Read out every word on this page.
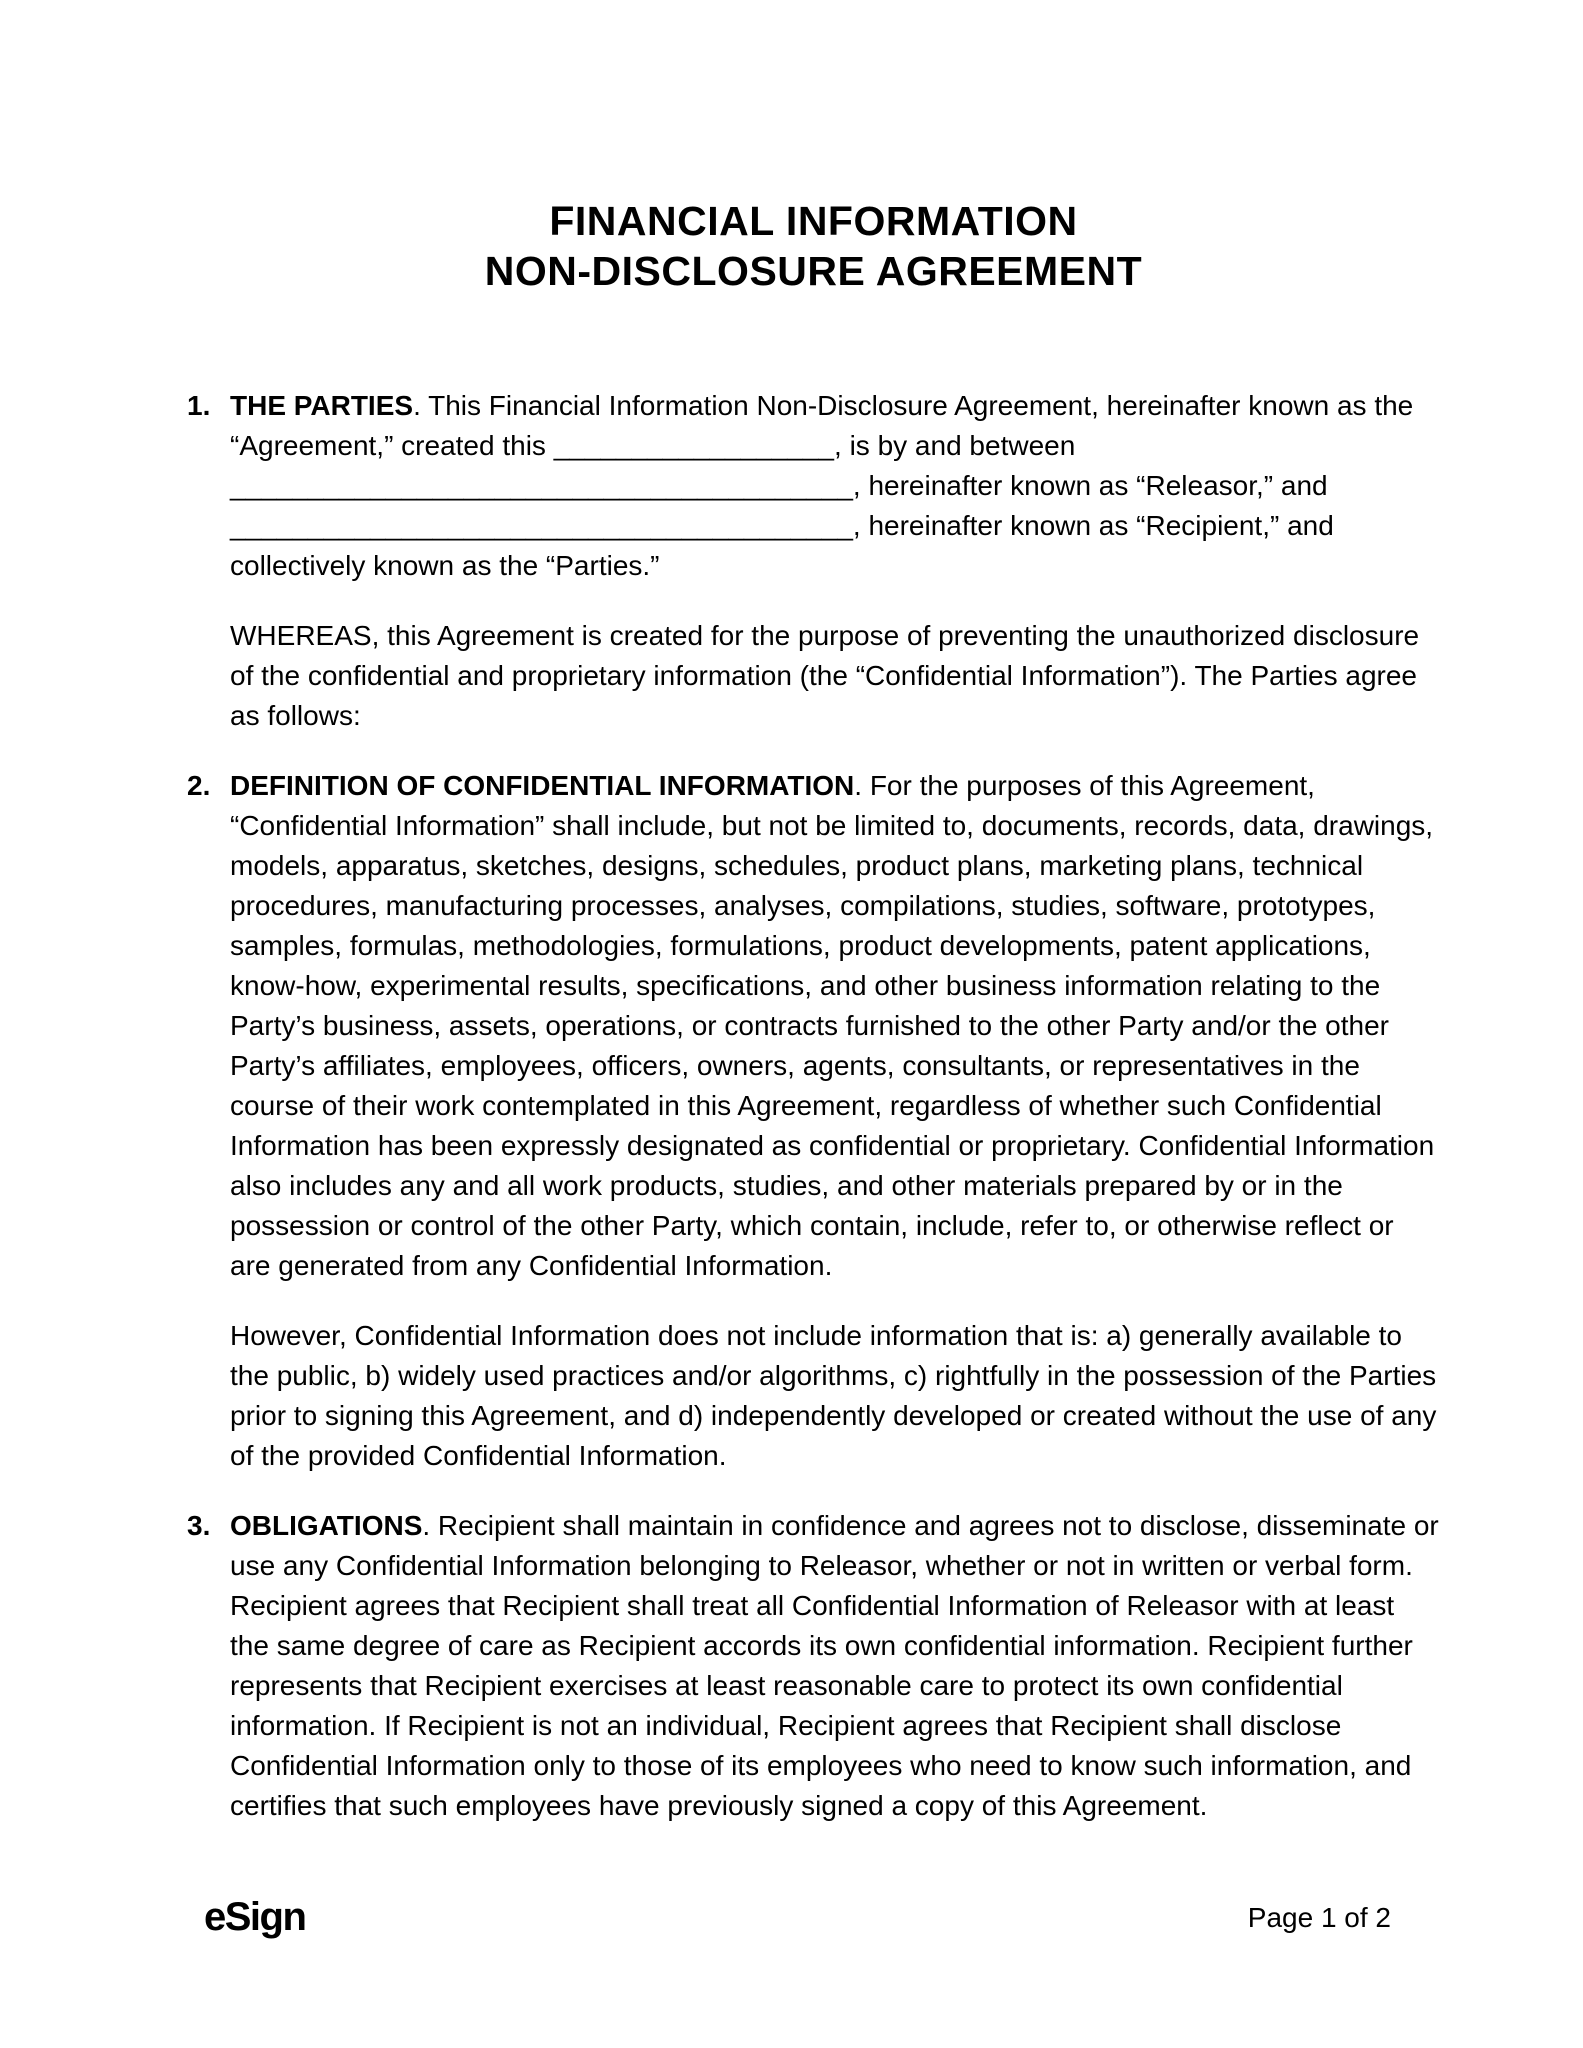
FINANCIAL INFORMATION
NON-DISCLOSURE AGREEMENT
1. THE PARTIES. This Financial Information Non-Disclosure Agreement, hereinafter known as the “Agreement,” created this __________________, is by and between
________________________________________, hereinafter known as “Releasor,” and
________________________________________, hereinafter known as “Recipient,” and
collectively known as the “Parties.”
WHEREAS, this Agreement is created for the purpose of preventing the unauthorized disclosure of the confidential and proprietary information (the “Confidential Information”). The Parties agree as follows:
2. DEFINITION OF CONFIDENTIAL INFORMATION. For the purposes of this Agreement, “Confidential Information” shall include, but not be limited to, documents, records, data, drawings, models, apparatus, sketches, designs, schedules, product plans, marketing plans, technical procedures, manufacturing processes, analyses, compilations, studies, software, prototypes, samples, formulas, methodologies, formulations, product developments, patent applications, know-how, experimental results, specifications, and other business information relating to the Party’s business, assets, operations, or contracts furnished to the other Party and/or the other Party’s affiliates, employees, officers, owners, agents, consultants, or representatives in the course of their work contemplated in this Agreement, regardless of whether such Confidential Information has been expressly designated as confidential or proprietary. Confidential Information also includes any and all work products, studies, and other materials prepared by or in the possession or control of the other Party, which contain, include, refer to, or otherwise reflect or are generated from any Confidential Information.
However, Confidential Information does not include information that is: a) generally available to the public, b) widely used practices and/or algorithms, c) rightfully in the possession of the Parties prior to signing this Agreement, and d) independently developed or created without the use of any of the provided Confidential Information.
3. OBLIGATIONS. Recipient shall maintain in confidence and agrees not to disclose, disseminate or use any Confidential Information belonging to Releasor, whether or not in written or verbal form. Recipient agrees that Recipient shall treat all Confidential Information of Releasor with at least the same degree of care as Recipient accords its own confidential information. Recipient further represents that Recipient exercises at least reasonable care to protect its own confidential information. If Recipient is not an individual, Recipient agrees that Recipient shall disclose Confidential Information only to those of its employees who need to know such information, and certifies that such employees have previously signed a copy of this Agreement.
eSign	Page 1 of 2
